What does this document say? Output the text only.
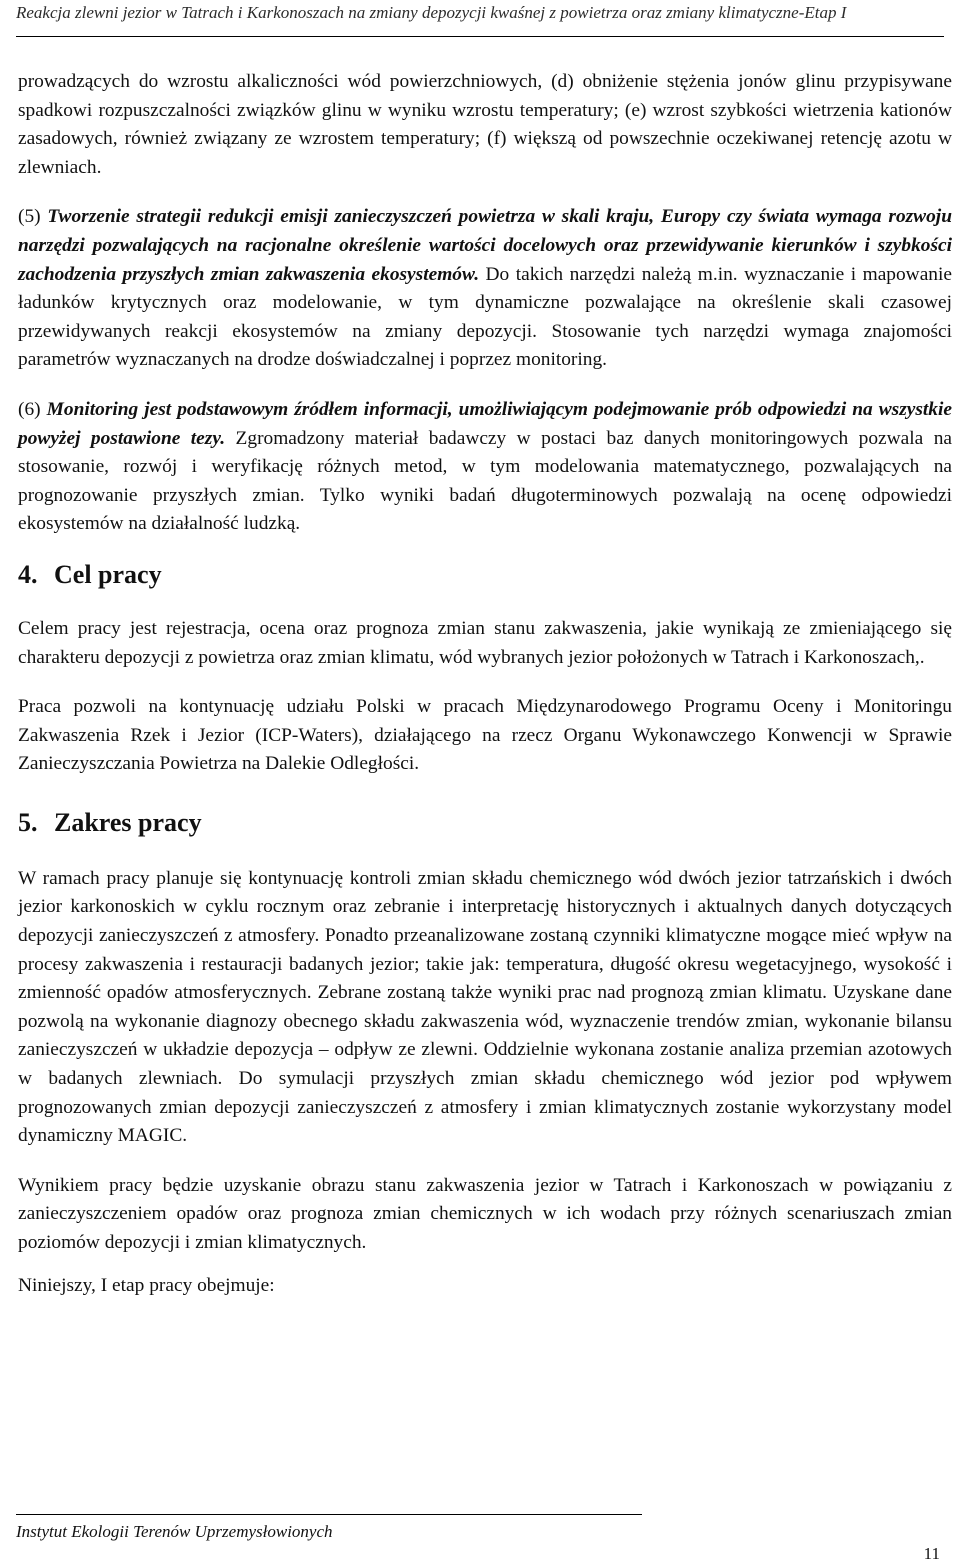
Reakcja zlewni jezior w Tatrach i Karkonoszach na zmiany depozycji kwaśnej z powietrza oraz zmiany klimatyczne-Etap I

prowadzących do wzrostu alkaliczności wód powierzchniowych, (d) obniżenie stężenia jonów glinu przypisywane spadkowi rozpuszczalności związków glinu w wyniku wzrostu temperatury; (e) wzrost szybkości wietrzenia kationów zasadowych, również związany ze wzrostem temperatury; (f) większą od powszechnie oczekiwanej retencję azotu w zlewniach.

(5) Tworzenie strategii redukcji emisji zanieczyszczeń powietrza w skali kraju, Europy czy świata wymaga rozwoju narzędzi pozwalających na racjonalne określenie wartości docelowych oraz przewidywanie kierunków i szybkości zachodzenia przyszłych zmian zakwaszenia ekosystemów. Do takich narzędzi należą m.in. wyznaczanie i mapowanie ładunków krytycznych oraz modelowanie, w tym dynamiczne pozwalające na określenie skali czasowej przewidywanych reakcji ekosystemów na zmiany depozycji. Stosowanie tych narzędzi wymaga znajomości parametrów wyznaczanych na drodze doświadczalnej i poprzez monitoring.

(6) Monitoring jest podstawowym źródłem informacji, umożliwiającym podejmowanie prób odpowiedzi na wszystkie powyżej postawione tezy. Zgromadzony materiał badawczy w postaci baz danych monitoringowych pozwala na stosowanie, rozwój i weryfikację różnych metod, w tym modelowania matematycznego, pozwalających na prognozowanie przyszłych zmian. Tylko wyniki badań długoterminowych pozwalają na ocenę odpowiedzi ekosystemów na działalność ludzką.

4. Cel pracy

Celem pracy jest rejestracja, ocena oraz prognoza zmian stanu zakwaszenia, jakie wynikają ze zmieniającego się charakteru depozycji z powietrza oraz zmian klimatu, wód wybranych jezior położonych w Tatrach i Karkonoszach,.

Praca pozwoli na kontynuację udziału Polski w pracach Międzynarodowego Programu Oceny i Monitoringu Zakwaszenia Rzek i Jezior (ICP-Waters), działającego na rzecz Organu Wykonawczego Konwencji w Sprawie Zanieczyszczania Powietrza na Dalekie Odległości.

5. Zakres pracy

W ramach pracy planuje się kontynuację kontroli zmian składu chemicznego wód dwóch jezior tatrzańskich i dwóch jezior karkonoskich w cyklu rocznym oraz zebranie i interpretację historycznych i aktualnych danych dotyczących depozycji zanieczyszczeń z atmosfery. Ponadto przeanalizowane zostaną czynniki klimatyczne mogące mieć wpływ na procesy zakwaszenia i restauracji badanych jezior; takie jak: temperatura, długość okresu wegetacyjnego, wysokość i zmienność opadów atmosferycznych. Zebrane zostaną także wyniki prac nad prognozą zmian klimatu. Uzyskane dane pozwolą na wykonanie diagnozy obecnego składu zakwaszenia wód, wyznaczenie trendów zmian, wykonanie bilansu zanieczyszczeń w układzie depozycja – odpływ ze zlewni. Oddzielnie wykonana zostanie analiza przemian azotowych w badanych zlewniach. Do symulacji przyszłych zmian składu chemicznego wód jezior pod wpływem prognozowanych zmian depozycji zanieczyszczeń z atmosfery i zmian klimatycznych zostanie wykorzystany model dynamiczny MAGIC.

Wynikiem pracy będzie uzyskanie obrazu stanu zakwaszenia jezior w Tatrach i Karkonoszach w powiązaniu z zanieczyszczeniem opadów oraz prognoza zmian chemicznych w ich wodach przy różnych scenariuszach zmian poziomów depozycji i zmian klimatycznych.

Niniejszy, I etap pracy obejmuje:

Instytut Ekologii Terenów Uprzemysłowionych
11
